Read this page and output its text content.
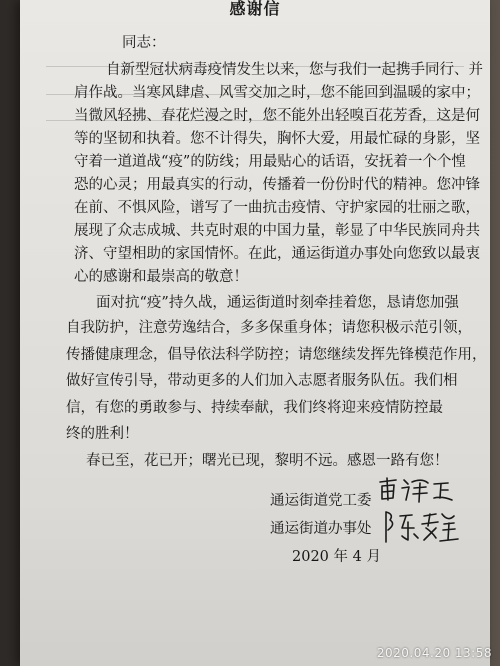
感谢信
同志：
自新型冠状病毒疫情发生以来，您与我们一起携手同行、并
肩作战。当寒风肆虐、风雪交加之时，您不能回到温暖的家中；
当微风轻拂、春花烂漫之时，您不能外出轻嗅百花芳香，这是何
等的坚韧和执着。您不计得失，胸怀大爱，用最忙碌的身影，坚
守着一道道战“疫”的防线；用最贴心的话语，安抚着一个个惶
恐的心灵；用最真实的行动，传播着一份份时代的精神。您冲锋
在前、不惧风险，谱写了一曲抗击疫情、守护家园的壮丽之歌，
展现了众志成城、共克时艰的中国力量，彰显了中华民族同舟共
济、守望相助的家国情怀。在此，通运街道办事处向您致以最衷
心的感谢和最崇高的敬意！
面对抗“疫”持久战，通运街道时刻牵挂着您，恳请您加强
自我防护，注意劳逸结合，多多保重身体；请您积极示范引领，
传播健康理念，倡导依法科学防控；请您继续发挥先锋模范作用，
做好宣传引导，带动更多的人们加入志愿者服务队伍。我们相
信，有您的勇敢参与、持续奉献，我们终将迎来疫情防控最
终的胜利！
春已至，花已开；曙光已现，黎明不远。感恩一路有您！
通运街道党工委
通运街道办事处
2020 年 4 月
2020.04.20 13:58
